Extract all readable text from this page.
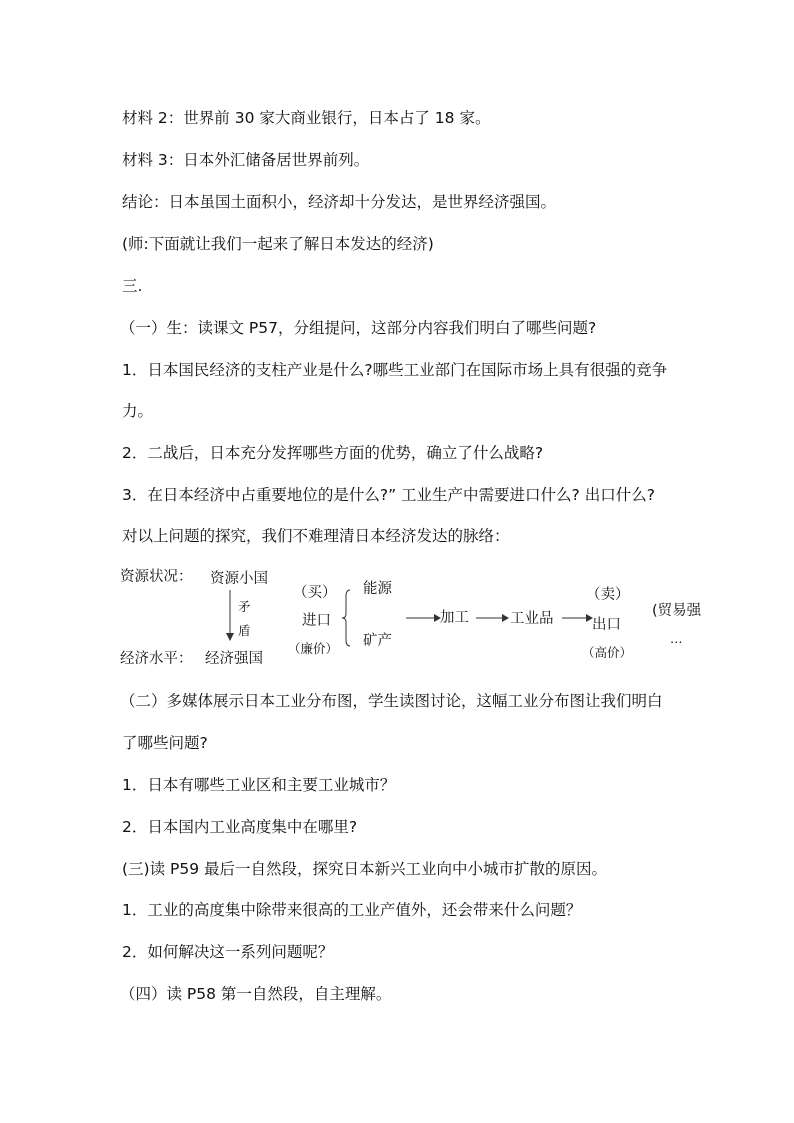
材料 2：世界前 30 家大商业银行，日本占了 18 家。
材料 3：日本外汇储备居世界前列。
结论：日本虽国土面积小，经济却十分发达，是世界经济强国。
(师:下面就让我们一起来了解日本发达的经济)
三.
（一）生：读课文 P57，分组提问，这部分内容我们明白了哪些问题?
1．日本国民经济的支柱产业是什么?哪些工业部门在国际市场上具有很强的竞争
力。
2．二战后，日本充分发挥哪些方面的优势，确立了什么战略?
3．在日本经济中占重要地位的是什么?” 工业生产中需要进口什么? 出口什么?
对以上问题的探究，我们不难理清日本经济发达的脉络：
资源状况： 资源小国
矛
盾
经济水平： 经济强国
（买）
进口
（廉价）
能源
矿产
加工	工业品
（卖）
出口
（高价）
(贸易强
…
（二）多媒体展示日本工业分布图，学生读图讨论，这幅工业分布图让我们明白
了哪些问题?
1．日本有哪些工业区和主要工业城市？
2．日本国内工业高度集中在哪里?
(三)读 P59 最后一自然段，探究日本新兴工业向中小城市扩散的原因。
1．工业的高度集中除带来很高的工业产值外，还会带来什么问题？
2．如何解决这一系列问题呢？
（四）读 P58 第一自然段，自主理解。
